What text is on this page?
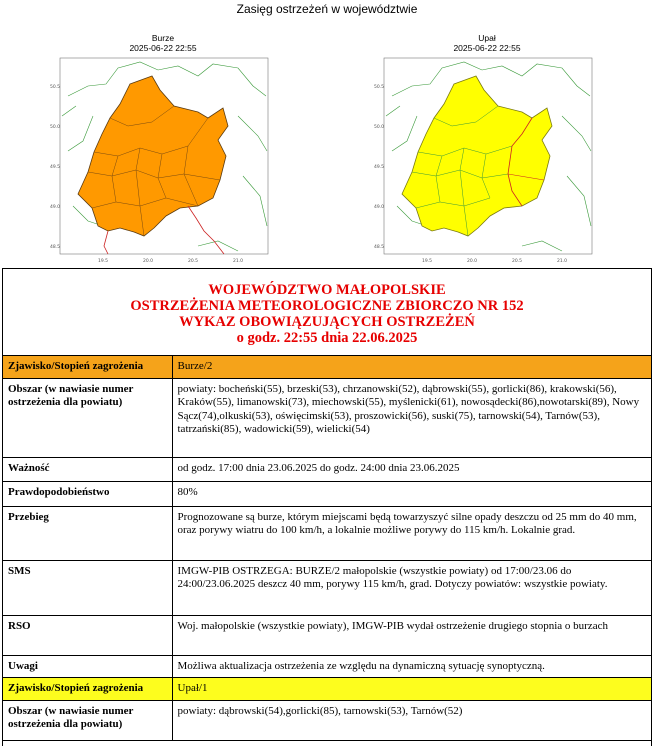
Zasięg ostrzeżeń w województwie
Burze
2025-06-22 22:55
50.5
50.0
49.5
49.0
48.5
19.5	20.0	20.5	21.0
Upał
2025-06-22 22:55
50.5
50.0
49.5
49.0
48.5
19.5	20.0	20.5	21.0
WOJEWÓDZTWO MAŁOPOLSKIE
OSTRZEŻENIA METEOROLOGICZNE ZBIORCZO NR 152
WYKAZ OBOWIĄZUJĄCYCH OSTRZEŻEŃ
o godz. 22:55 dnia 22.06.2025
Zjawisko/Stopień zagrożenia	Burze/2
Obszar (w nawiasie numer ostrzeżenia dla powiatu)	powiaty: bocheński(55), brzeski(53), chrzanowski(52), dąbrowski(55), gorlicki(86), krakowski(56), Kraków(55), limanowski(73), miechowski(55), myślenicki(61), nowosądecki(86),nowotarski(89), Nowy Sącz(74),olkuski(53), oświęcimski(53), proszowicki(56), suski(75), tarnowski(54), Tarnów(53), tatrzański(85), wadowicki(59), wielicki(54)
Ważność	od godz. 17:00 dnia 23.06.2025 do godz. 24:00 dnia 23.06.2025
Prawdopodobieństwo	80%
Przebieg	Prognozowane są burze, którym miejscami będą towarzyszyć silne opady deszczu od 25 mm do 40 mm, oraz porywy wiatru do 100 km/h, a lokalnie możliwe porywy do 115 km/h. Lokalnie grad.
SMS	IMGW-PIB OSTRZEGA: BURZE/2 małopolskie (wszystkie powiaty) od 17:00/23.06 do 24:00/23.06.2025 deszcz 40 mm, porywy 115 km/h, grad. Dotyczy powiatów: wszystkie powiaty.
RSO	Woj. małopolskie (wszystkie powiaty), IMGW-PIB wydał ostrzeżenie drugiego stopnia o burzach
Uwagi	Możliwa aktualizacja ostrzeżenia ze względu na dynamiczną sytuację synoptyczną.
Zjawisko/Stopień zagrożenia	Upał/1
Obszar (w nawiasie numer ostrzeżenia dla powiatu)	powiaty: dąbrowski(54),gorlicki(85), tarnowski(53), Tarnów(52)
